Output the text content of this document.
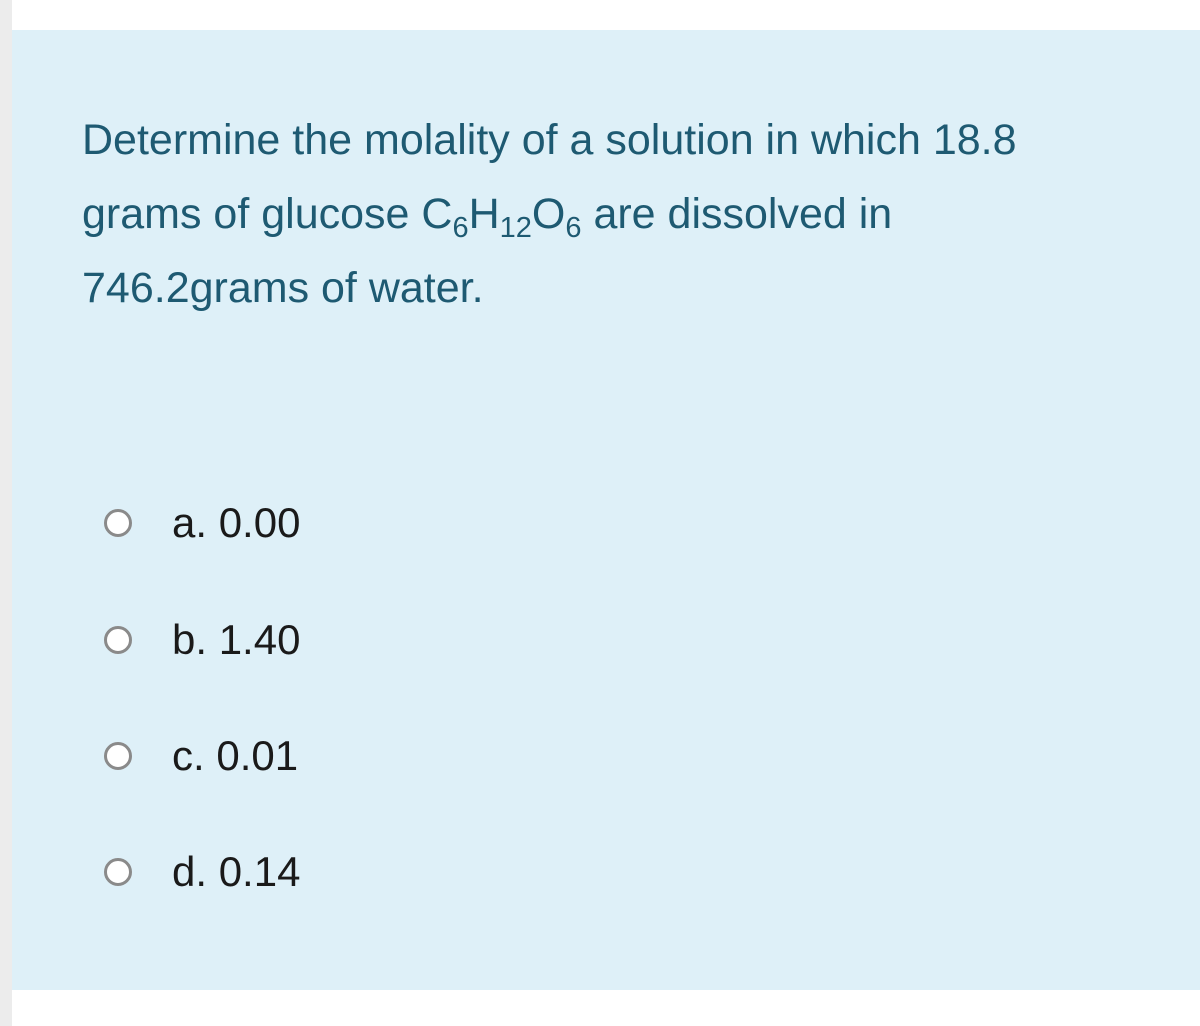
Determine the molality of a solution in which 18.8
grams of glucose $C_6H_{12}O_6$ are dissolved in
746.2grams of water.

a. 0.00
b. 1.40
c. 0.01
d. 0.14
